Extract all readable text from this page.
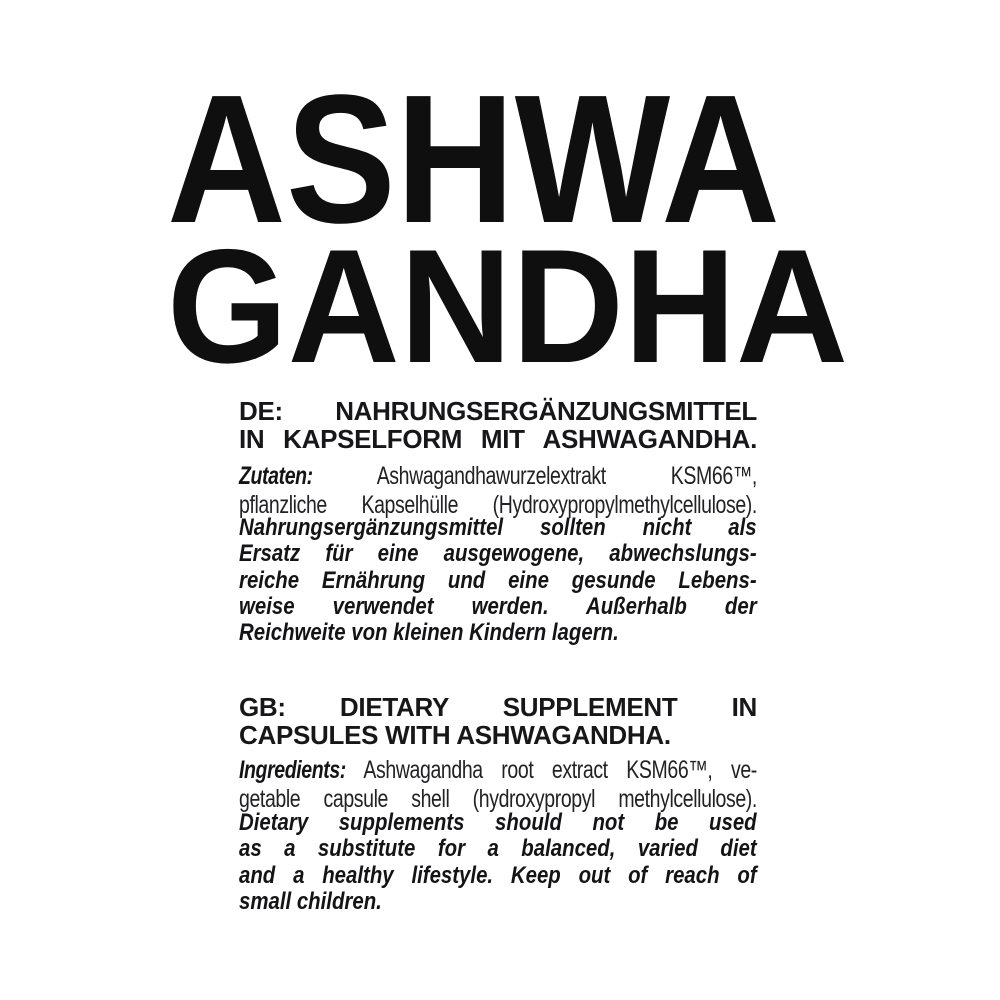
ASHWA
GANDHA
DE: NAHRUNGSERGÄNZUNGSMITTEL
IN KAPSELFORM MIT ASHWAGANDHA.
Zutaten:	Ashwagandhawurzelextrakt KSM66™,
pflanzliche Kapselhülle (Hydroxypropylmethylcellulose).
Nahrungsergänzungsmittel sollten nicht als
Ersatz für eine ausgewogene, abwechslungs-
reiche Ernährung und eine gesunde Lebens-
weise verwendet werden. Außerhalb der
Reichweite von kleinen Kindern lagern.
GB: DIETARY SUPPLEMENT IN
CAPSULES WITH ASHWAGANDHA.
Ingredients: Ashwagandha root extract KSM66™, ve-
getable capsule shell (hydroxypropyl methylcellulose).
Dietary supplements should not be used
as a substitute for a balanced, varied diet
and a healthy lifestyle. Keep out of reach of
small children.
